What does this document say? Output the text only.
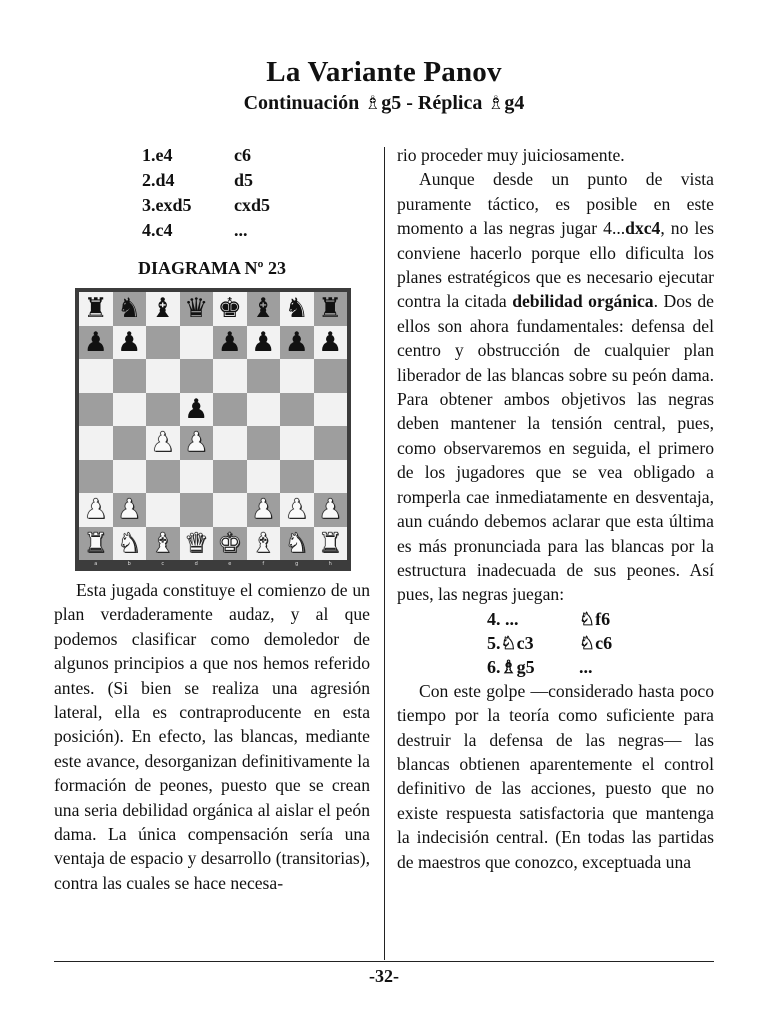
La Variante Panov
Continuación ♗g5 - Réplica ♗g4
1.e4	c6
2.d4	d5
3.exd5	cxd5
4.c4	...
DIAGRAMA Nº 23
♜ ♞ ♝ ♛ ♚ ♝ ♞ ♜
♟ ♟	♟ ♟ ♟ ♟
♟
♟ ♟
♟ ♟	♟ ♟ ♟
♜ ♞ ♝ ♛ ♚ ♝ ♞ ♜
a	b	c	d	e	f	g	h

Esta jugada constituye el comienzo de un plan verdaderamente audaz, y al que podemos clasificar como demoledor de algunos principios a que nos hemos referido antes. (Si bien se realiza una agresión lateral, ella es contraproducente en esta posición). En efecto, las blancas, mediante este avance, desorganizan definitivamente la formación de peones, puesto que se crean una seria debilidad orgánica al aislar el peón dama. La única compensación sería una ventaja de espacio y desarrollo (transitorias), contra las cuales se hace necesa-

rio proceder muy juiciosamente.

Aunque desde un punto de vista puramente táctico, es posible en este momento a las negras jugar 4...dxc4, no les conviene hacerlo porque ello dificulta los planes estratégicos que es necesario ejecutar contra la citada debilidad orgánica. Dos de ellos son ahora fundamentales: defensa del centro y obstrucción de cualquier plan liberador de las blancas sobre su peón dama. Para obtener ambos objetivos las negras deben mantener la tensión central, pues, como observaremos en seguida, el primero de los jugadores que se vea obligado a romperla cae inmediatamente en desventaja, aun cuándo debemos aclarar que esta última es más pronunciada para las blancas por la estructura inadecuada de sus peones. Así pues, las negras juegan:

4. ...	♘f6
5.♘c3	♘c6
6.♗g5	...

Con este golpe —considerado hasta poco tiempo por la teoría como suficiente para destruir la defensa de las negras— las blancas obtienen aparentemente el control definitivo de las acciones, puesto que no existe respuesta satisfactoria que mantenga la indecisión central. (En todas las partidas de maestros que conozco, exceptuada una

-32-
